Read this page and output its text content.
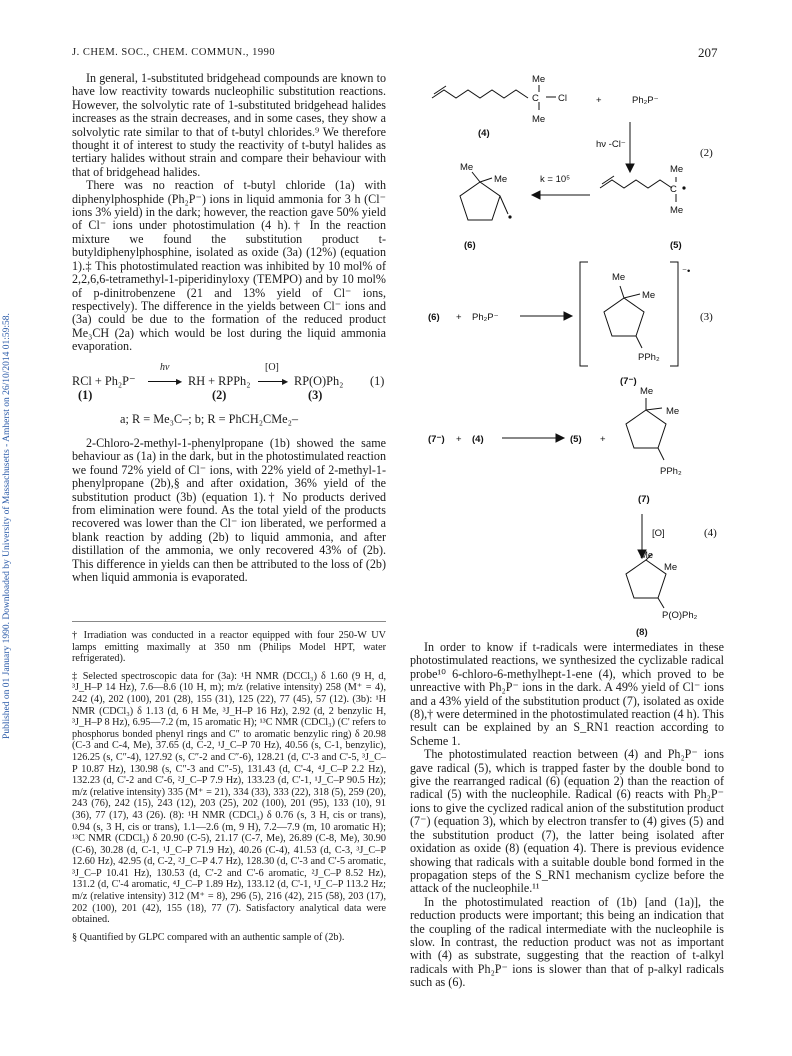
Published on 01 January 1990. Downloaded by University of Massachusetts - Amherst on 26/10/2014 01:59:58.
J. CHEM. SOC., CHEM. COMMUN., 1990	207

In general, 1-substituted bridgehead compounds are known to have low reactivity towards nucleophilic substitution reactions. However, the solvolytic rate of 1-substituted bridgehead halides increases as the strain decreases, and in some cases, they show a solvolytic rate similar to that of t-butyl chlorides.⁹ We therefore thought it of interest to study the reactivity of t-butyl halides as tertiary halides without strain and compare their behaviour with that of bridgehead halides.

There was no reaction of t-butyl chloride (1a) with diphenylphosphide (Ph₂P⁻) ions in liquid ammonia for 3 h (Cl⁻ ions 3% yield) in the dark; however, the reaction gave 50% yield of Cl⁻ ions under photostimulation (4 h).† In the reaction mixture we found the substitution product t-butyldiphenylphosphine, isolated as oxide (3a) (12%) (equation 1).‡ This photostimulated reaction was inhibited by 10 mol% of 2,2,6,6-tetramethyl-1-piperidinyloxy (TEMPO) and by 10 mol% of p-dinitrobenzene (21 and 13% yield of Cl⁻ ions, respectively). The difference in the yields between Cl⁻ ions and (3a) could be due to the formation of the reduced product Me₃CH (2a) which would be lost during the liquid ammonia evaporation.

RCl + Ph₂P⁻
hν
▶ RH + RPPh₂
[O]
▶ RP(O)Ph₂ (1)
(1)	(2)	(3)
a; R = Me₃C–; b; R = PhCH₂CMe₂–

2-Chloro-2-methyl-1-phenylpropane (1b) showed the same behaviour as (1a) in the dark, but in the photostimulated reaction we found 72% yield of Cl⁻ ions, with 22% yield of 2-methyl-1-phenylpropane (2b),§ and after oxidation, 36% yield of the substitution product (3b) (equation 1).† No products derived from elimination were found. As the total yield of the products recovered was lower than the Cl⁻ ion liberated, we performed a blank reaction by adding (2b) to liquid ammonia, and after distillation of the ammonia, we only recovered 43% of (2b). This difference in yields can then be attributed to the loss of (2b) when liquid ammonia is evaporated.

† Irradiation was conducted in a reactor equipped with four 250-W UV lamps emitting maximally at 350 nm (Philips Model HPT, water refrigerated).

‡ Selected spectroscopic data for (3a): ¹H NMR (DCCl₃) δ 1.60 (9 H, d, ³J_H–P 14 Hz), 7.6—8.6 (10 H, m); m/z (relative intensity) 258 (M⁺ = 4), 242 (4), 202 (100), 201 (28), 155 (31), 125 (22), 77 (45), 57 (12). (3b): ¹H NMR (CDCl₃) δ 1.13 (d, 6 H Me, ³J_H–P 16 Hz), 2.92 (d, 2 benzylic H, ³J_H–P 8 Hz), 6.95—7.2 (m, 15 aromatic H); ¹³C NMR (CDCl₃) (C' refers to phosphorus bonded phenyl rings and C″ to aromatic benzylic ring) δ 20.98 (C-3 and C-4, Me), 37.65 (d, C-2, ¹J_C–P 70 Hz), 40.56 (s, C-1, benzylic), 126.25 (s, C″-4), 127.92 (s, C″-2 and C″-6), 128.21 (d, C'-3 and C'-5, ³J_C–P 10.87 Hz), 130.98 (s, C″-3 and C″-5), 131.43 (d, C'-4, ⁴J_C–P 2.2 Hz), 132.23 (d, C'-2 and C'-6, ²J_C–P 7.9 Hz), 133.23 (d, C'-1, ¹J_C–P 90.5 Hz); m/z (relative intensity) 335 (M⁺ = 21), 334 (33), 333 (22), 318 (5), 259 (20), 243 (76), 242 (15), 243 (12), 203 (25), 202 (100), 201 (95), 133 (10), 91 (36), 77 (17), 43 (26). (8): ¹H NMR (CDCl₃) δ 0.76 (s, 3 H, cis or trans), 0.94 (s, 3 H, cis or trans), 1.1—2.6 (m, 9 H), 7.2—7.9 (m, 10 aromatic H); ¹³C NMR (CDCl₃) δ 20.90 (C-5), 21.17 (C-7, Me), 26.89 (C-8, Me), 30.90 (C-6), 30.28 (d, C-1, ¹J_C–P 71.9 Hz), 40.26 (C-4), 41.53 (d, C-3, ³J_C–P 12.60 Hz), 42.95 (d, C-2, ²J_C–P 4.7 Hz), 128.30 (d, C'-3 and C'-5 aromatic, ³J_C–P 10.41 Hz), 130.53 (d, C'-2 and C'-6 aromatic, ²J_C–P 8.52 Hz), 131.2 (d, C'-4 aromatic, ⁴J_C–P 1.89 Hz), 133.12 (d, C'-1, ¹J_C–P 113.2 Hz; m/z (relative intensity) 312 (M⁺ = 8), 296 (5), 216 (42), 215 (58), 203 (17), 202 (100), 201 (42), 155 (18), 77 (7). Satisfactory analytical data were obtained.

§ Quantified by GLPC compared with an authentic sample of (2b).

Me
C Cl
Me
(4)
+	Ph₂P⁻
hν -Cl⁻
(2)
Me
Me
(6)
k = 10⁵
Me
C
Me
(5)
(6) + Ph₂P⁻
⁻•
Me
Me
PPh₂
(7⁻)
(3)
(7⁻) + (4)	(5) +
Me
Me
PPh₂
(7)
[O]	(4)
Me
Me
P(O)Ph₂
(8)

In order to know if t-radicals were intermediates in these photostimulated reactions, we synthesized the cyclizable radical probe¹⁰ 6-chloro-6-methylhept-1-ene (4), which proved to be unreactive with Ph₂P⁻ ions in the dark. A 49% yield of Cl⁻ ions and a 43% yield of the substitution product (7), isolated as oxide (8),† were determined in the photostimulated reaction (4 h). This result can be explained by an S_RN1 reaction according to Scheme 1.

The photostimulated reaction between (4) and Ph₂P⁻ ions gave radical (5), which is trapped faster by the double bond to give the rearranged radical (6) (equation 2) than the reaction of radical (5) with the nucleophile. Radical (6) reacts with Ph₂P⁻ ions to give the cyclized radical anion of the substitution product (7⁻) (equation 3), which by electron transfer to (4) gives (5) and the substitution product (7), the latter being isolated after oxidation as oxide (8) (equation 4). There is previous evidence showing that radicals with a suitable double bond formed in the propagation steps of the S_RN1 mechanism cyclize before the attack of the nucleophile.¹¹

In the photostimulated reaction of (1b) [and (1a)], the reduction products were important; this being an indication that the coupling of the radical intermediate with the nucleophile is slow. In contrast, the reduction product was not as important with (4) as substrate, suggesting that the reaction of t-alkyl radicals with Ph₂P⁻ ions is slower than that of p-alkyl radicals such as (6).
